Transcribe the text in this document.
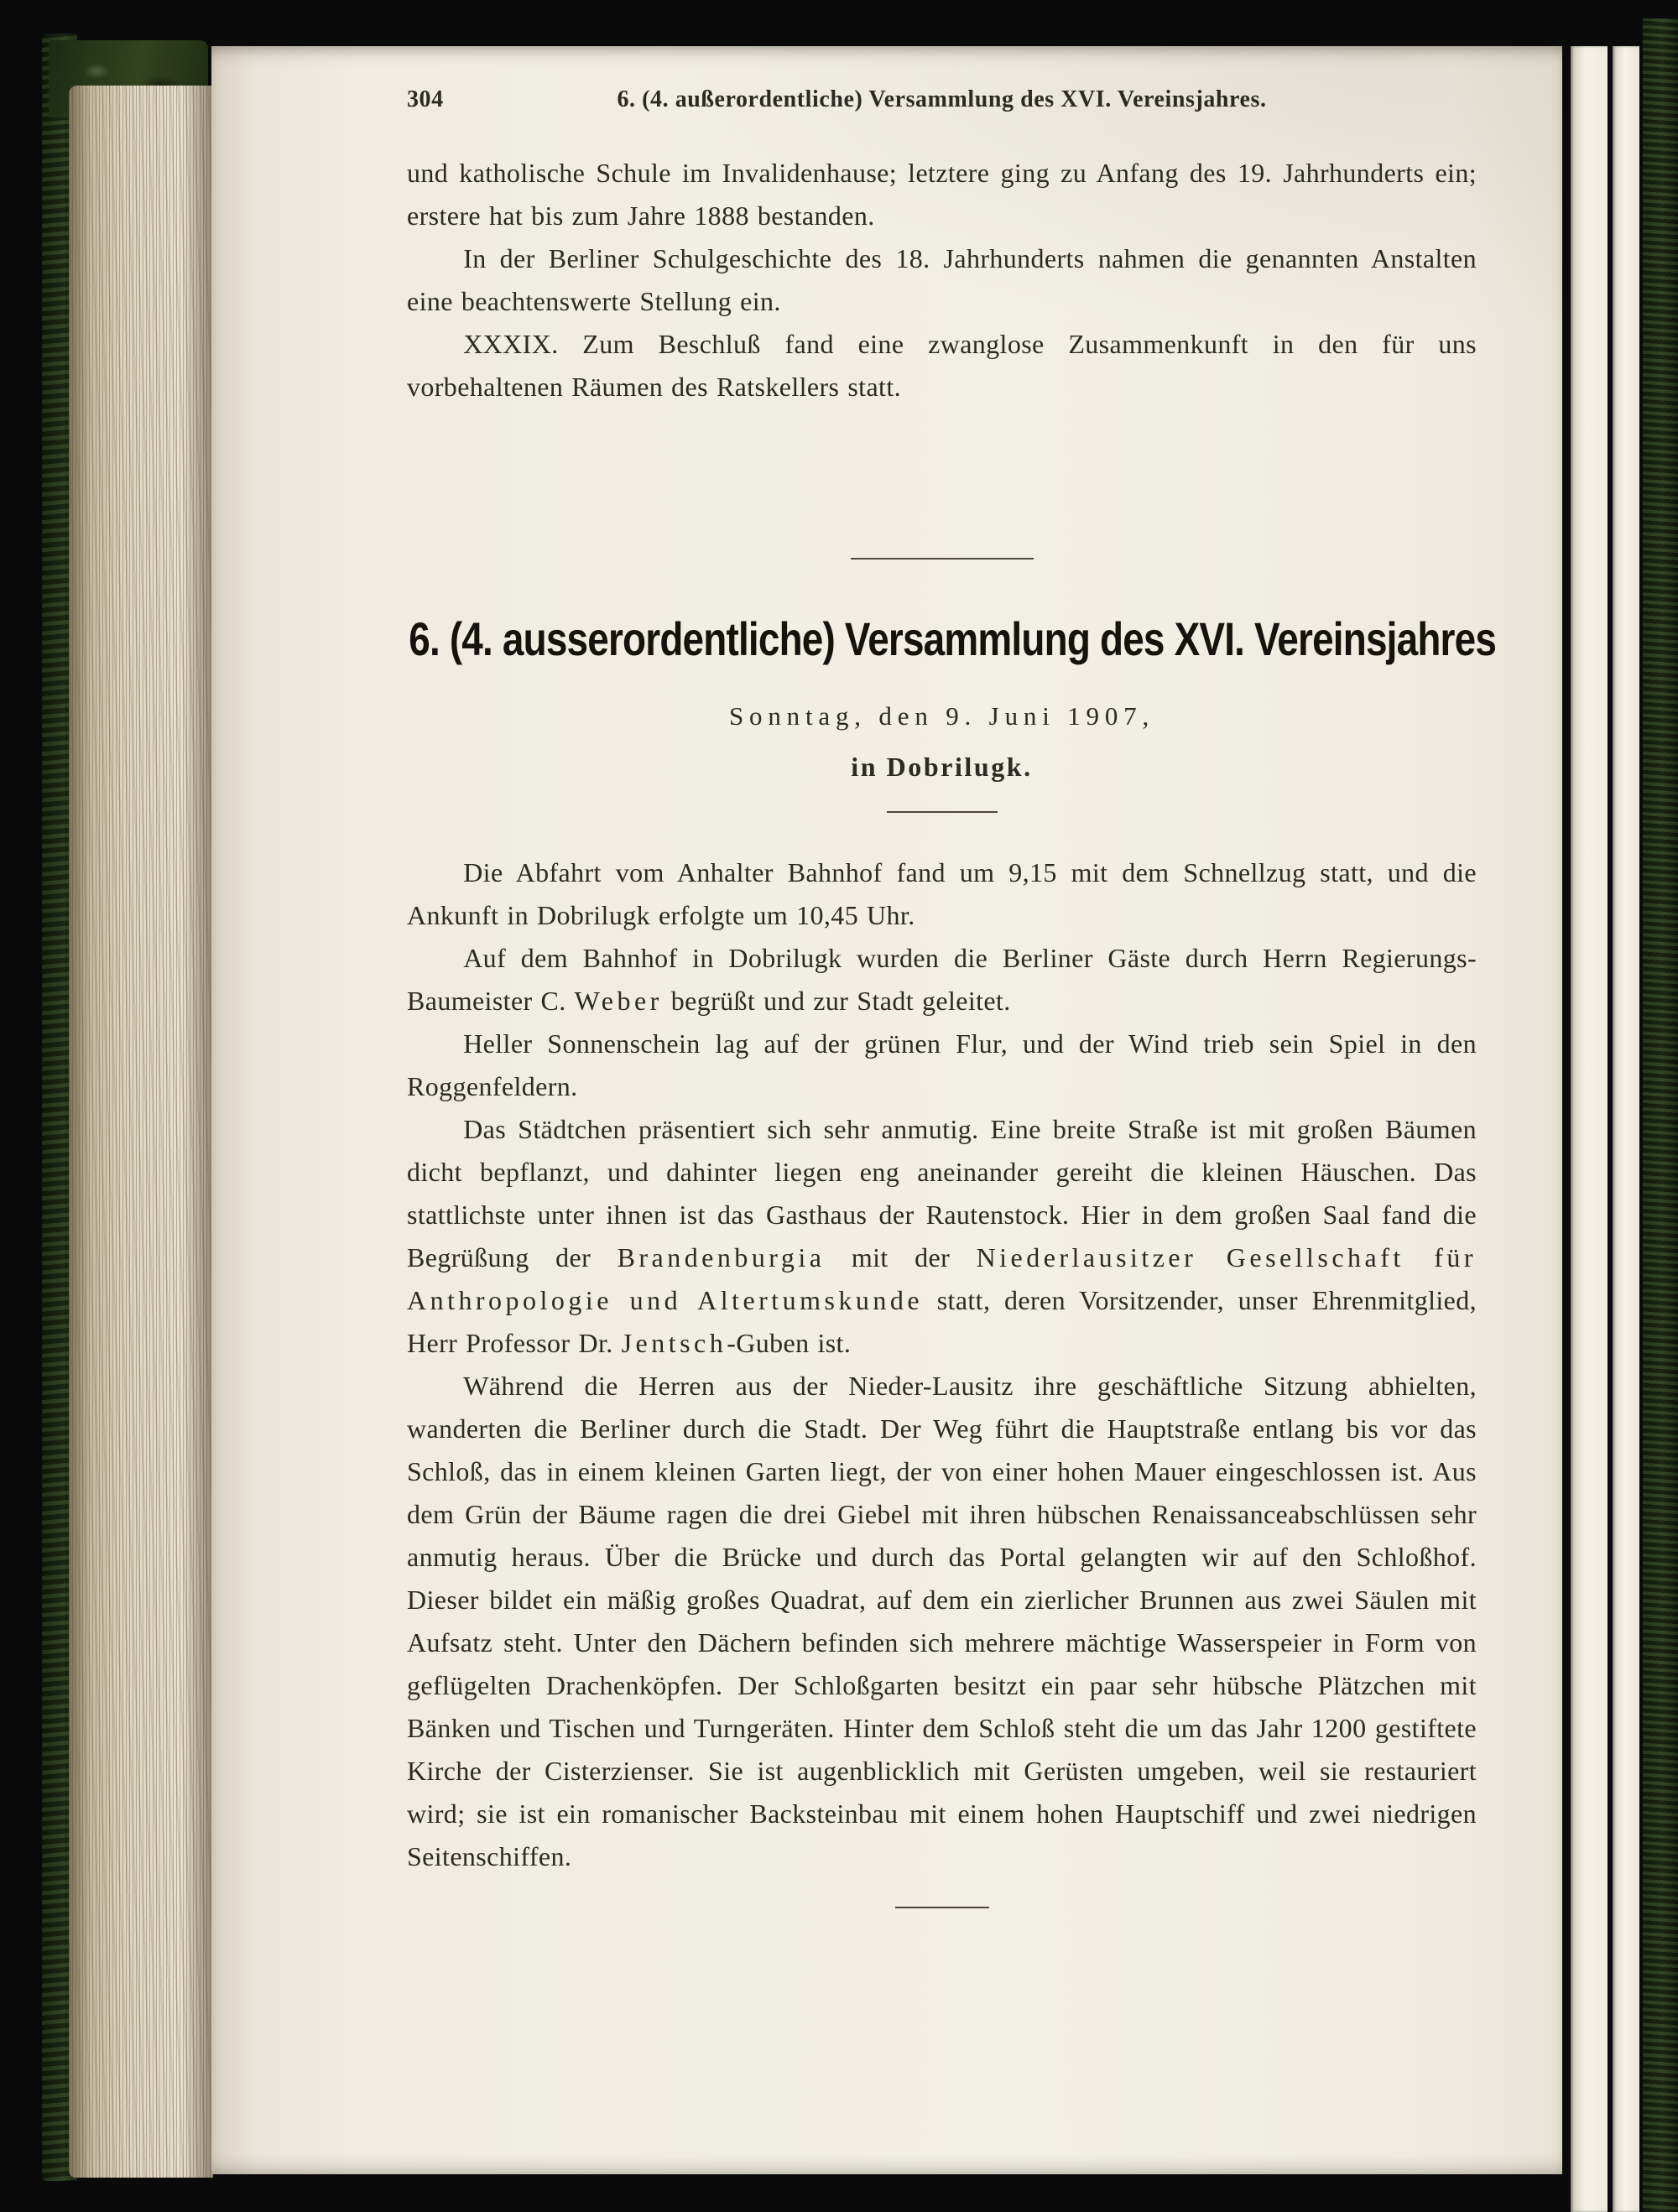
304	6. (4. außerordentliche) Versammlung des XVI. Vereinsjahres.

und katholische Schule im Invalidenhause; letztere ging zu Anfang des 19. Jahrhunderts ein; erstere hat bis zum Jahre 1888 bestanden.

In der Berliner Schulgeschichte des 18. Jahrhunderts nahmen die genannten Anstalten eine beachtenswerte Stellung ein.

XXXIX. Zum Beschluß fand eine zwanglose Zusammenkunft in den für uns vorbehaltenen Räumen des Ratskellers statt.

6. (4. ausserordentliche) Versammlung des XVI. Vereinsjahres
Sonntag, den 9. Juni 1907,
in Dobrilugk.

Die Abfahrt vom Anhalter Bahnhof fand um 9,15 mit dem Schnellzug statt, und die Ankunft in Dobrilugk erfolgte um 10,45 Uhr.

Auf dem Bahnhof in Dobrilugk wurden die Berliner Gäste durch Herrn Regierungs-Baumeister C. Weber begrüßt und zur Stadt geleitet.

Heller Sonnenschein lag auf der grünen Flur, und der Wind trieb sein Spiel in den Roggenfeldern.

Das Städtchen präsentiert sich sehr anmutig. Eine breite Straße ist mit großen Bäumen dicht bepflanzt, und dahinter liegen eng aneinander gereiht die kleinen Häuschen. Das stattlichste unter ihnen ist das Gasthaus der Rautenstock. Hier in dem großen Saal fand die Begrüßung der Brandenburgia mit der Niederlausitzer Gesellschaft für Anthropologie und Altertumskunde statt, deren Vorsitzender, unser Ehrenmitglied, Herr Professor Dr. Jentsch-Guben ist.

Während die Herren aus der Nieder-Lausitz ihre geschäftliche Sitzung abhielten, wanderten die Berliner durch die Stadt. Der Weg führt die Hauptstraße entlang bis vor das Schloß, das in einem kleinen Garten liegt, der von einer hohen Mauer eingeschlossen ist. Aus dem Grün der Bäume ragen die drei Giebel mit ihren hübschen Renaissanceabschlüssen sehr anmutig heraus. Über die Brücke und durch das Portal gelangten wir auf den Schloßhof. Dieser bildet ein mäßig großes Quadrat, auf dem ein zierlicher Brunnen aus zwei Säulen mit Aufsatz steht. Unter den Dächern befinden sich mehrere mächtige Wasserspeier in Form von geflügelten Drachenköpfen. Der Schloßgarten besitzt ein paar sehr hübsche Plätzchen mit Bänken und Tischen und Turngeräten. Hinter dem Schloß steht die um das Jahr 1200 gestiftete Kirche der Cisterzienser. Sie ist augenblicklich mit Gerüsten umgeben, weil sie restauriert wird; sie ist ein romanischer Backsteinbau mit einem hohen Hauptschiff und zwei niedrigen Seitenschiffen.
